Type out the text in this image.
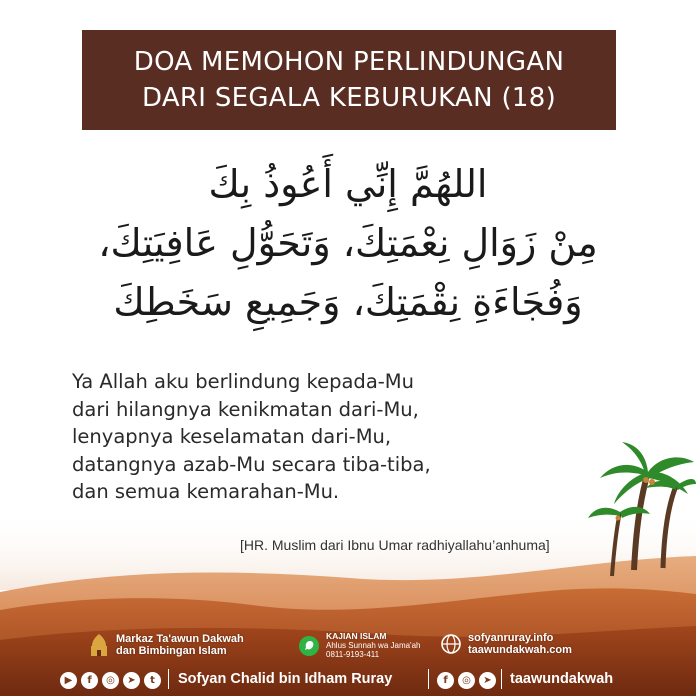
DOA MEMOHON PERLINDUNGAN
DARI SEGALA KEBURUKAN (18)
اللهُمَّ إِنِّي أَعُوذُ بِكَ
مِنْ زَوَالِ نِعْمَتِكَ، وَتَحَوُّلِ عَافِيَتِكَ،
وَفُجَاءَةِ نِقْمَتِكَ، وَجَمِيعِ سَخَطِكَ
Ya Allah aku berlindung kepada-Mu
dari hilangnya kenikmatan dari-Mu,
lenyapnya keselamatan dari-Mu,
datangnya azab-Mu secara tiba-tiba,
dan semua kemarahan-Mu.
[HR. Muslim dari Ibnu Umar radhiyallahu’anhuma]
Markaz Ta'awun Dakwah
dan Bimbingan Islam
KAJIAN ISLAM
Ahlus Sunnah wa Jama'ah
0811-9193-411
sofyanruray.info
taawundakwah.com
▶	f	◎	➤	t	Sofyan Chalid bin Idham Ruray	f	◎	➤ taawundakwah
